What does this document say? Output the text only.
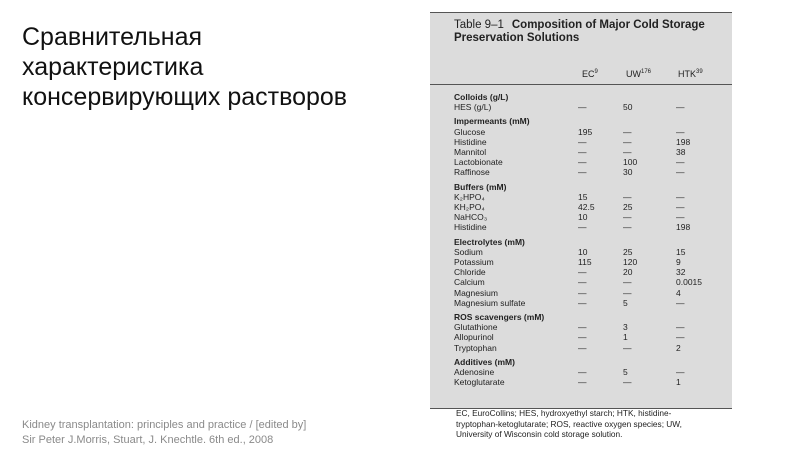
Сравнительная
характеристика
консервирующих растворов
Kidney transplantation: principles and practice / [edited by]
Sir Peter J.Morris, Stuart, J. Knechtle. 6th ed., 2008
Table 9–1 Composition of Major Cold Storage
Preservation Solutions
$EC^9$	UW$^{176}$	HTK$^{39}$
Colloids (g/L)
HES (g/L)	—	50	—
Impermeants (mM)
Glucose	195	—	—
Histidine	—	—	198
Mannitol	—	—	38
Lactobionate	—	100	—
Raffinose	—	30	—
Buffers (mM)
K₂HPO₄	15	—	—
KH₂PO₄	42.5	25	—
NaHCO₃	10	—	—
Histidine	—	—	198
Electrolytes (mM)
Sodium	10	25	15
Potassium	115	120	9
Chloride	—	20	32
Calcium	—	—	0.0015
Magnesium	—	—	4
Magnesium sulfate	—	5	—
ROS scavengers (mM)
Glutathione	—	3	—
Allopurinol	—	1	—
Tryptophan	—	—	2
Additives (mM)
Adenosine	—	5	—
Ketoglutarate	—	—	1
EC, EuroCollins; HES, hydroxyethyl starch; HTK, histidine-
tryptophan-ketoglutarate; ROS, reactive oxygen species; UW,
University of Wisconsin cold storage solution.
